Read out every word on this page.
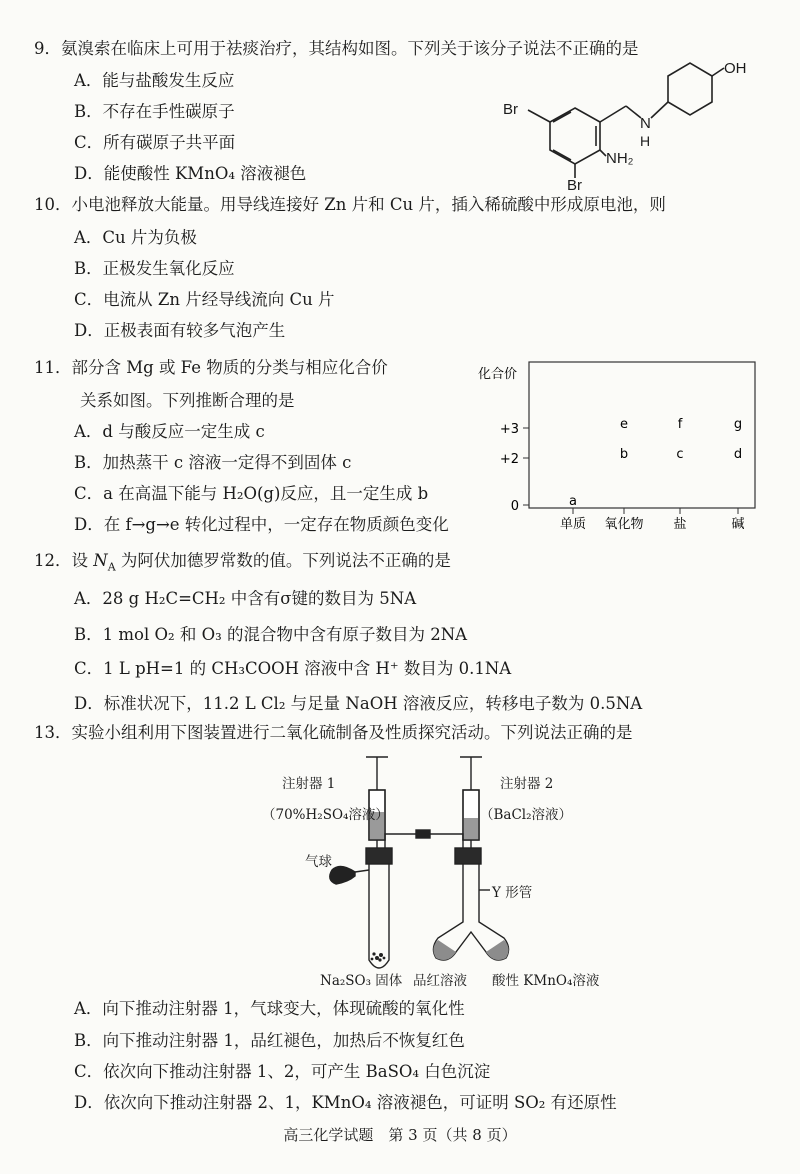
9．氨溴索在临床上可用于祛痰治疗，其结构如图。下列关于该分子说法不正确的是
A．能与盐酸发生反应
B．不存在手性碳原子
C．所有碳原子共平面
D．能使酸性 KMnO₄ 溶液褪色
OH
Br
N
H
NH₂
Br
10．小电池释放大能量。用导线连接好 Zn 片和 Cu 片，插入稀硫酸中形成原电池，则
A．Cu 片为负极
B．正极发生氧化反应
C．电流从 Zn 片经导线流向 Cu 片
D．正极表面有较多气泡产生
11．部分含 Mg 或 Fe 物质的分类与相应化合价
关系如图。下列推断合理的是
A．d 与酸反应一定生成 c
B．加热蒸干 c 溶液一定得不到固体 c
C．a 在高温下能与 H₂O(g)反应，且一定生成 b
D．在 f→g→e 转化过程中，一定存在物质颜色变化
化合价
+3
+2
0
单质 氧化物 盐	碱
a
b	c	d
e	f	g
12．设 $N_A$ 为阿伏加德罗常数的值。下列说法不正确的是
A．28 g H₂C=CH₂ 中含有σ键的数目为 5NA
B．1 mol O₂ 和 O₃ 的混合物中含有原子数目为 2NA
C．1 L pH=1 的 CH₃COOH 溶液中含 H⁺ 数目为 0.1NA
D．标准状况下，11.2 L Cl₂ 与足量 NaOH 溶液反应，转移电子数为 0.5NA
13．实验小组利用下图装置进行二氧化硫制备及性质探究活动。下列说法正确的是
注射器 1
（70%H₂SO₄溶液）
注射器 2
（BaCl₂溶液）
气球
Y 形管
Na₂SO₃ 固体 品红溶液 酸性 KMnO₄溶液
A．向下推动注射器 1，气球变大，体现硫酸的氧化性
B．向下推动注射器 1，品红褪色，加热后不恢复红色
C．依次向下推动注射器 1、2，可产生 BaSO₄ 白色沉淀
D．依次向下推动注射器 2、1，KMnO₄ 溶液褪色，可证明 SO₂ 有还原性
高三化学试题　第 3 页（共 8 页）
